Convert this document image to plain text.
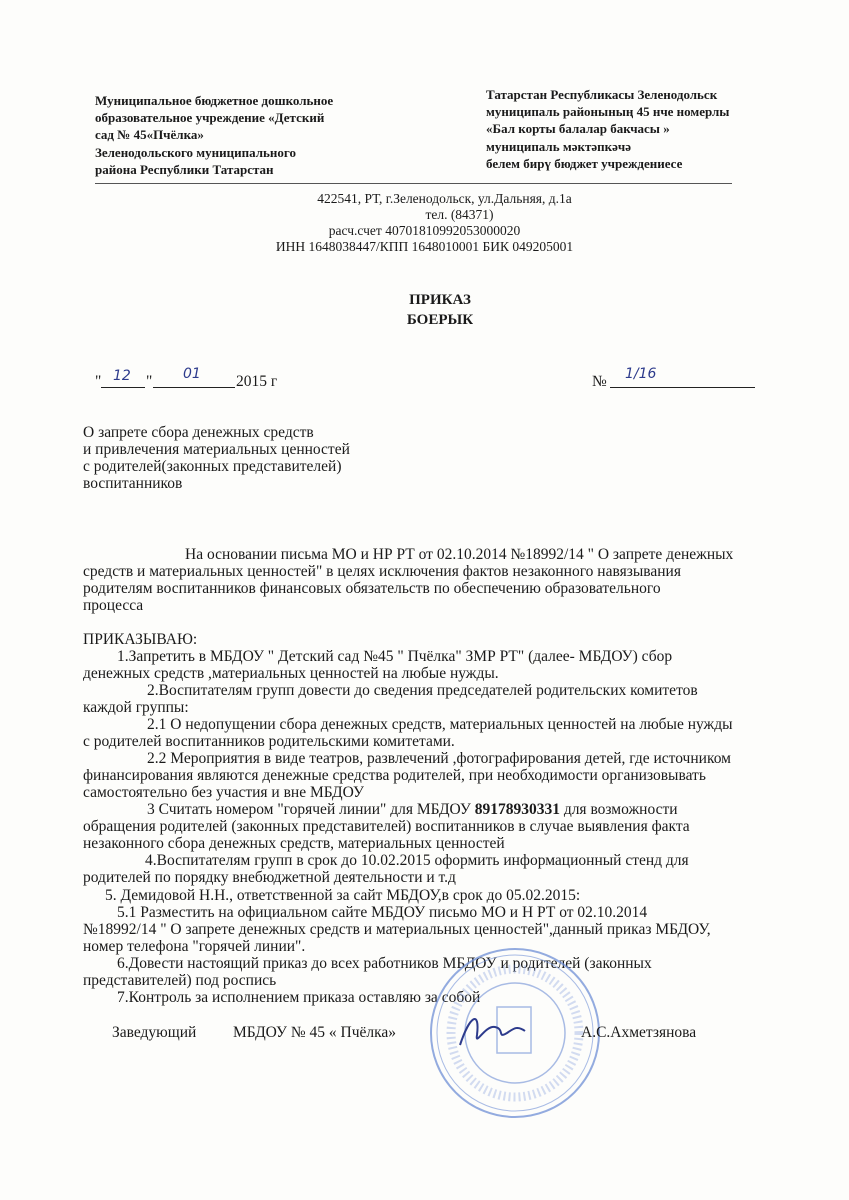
Муниципальное бюджетное дошкольное
образовательное учреждение «Детский
сад № 45«Пчёлка»
Зеленодольского муниципального
района Республики Татарстан
Татарстан Республикасы Зеленодольск
муниципаль районының 45 нче номерлы
«Бал корты балалар бакчасы »
муниципаль мәктәпкәчә
белем бирү бюджет учреждениесе
422541, РТ, г.Зеленодольск, ул.Дальняя, д.1а
тел. (84371)
расч.счет 40701810992053000020
ИНН 1648038447/КПП 1648010001 БИК 049205001
ПРИКАЗ
БОЕРЫК
" 12 " 01 2015 г	№ 1/16
О запрете сбора денежных средств
и привлечения материальных ценностей
с родителей(законных представителей)
воспитанников
На основании письма МО и НР РТ от 02.10.2014 №18992/14 " О запрете денежных
средств и материальных ценностей" в целях исключения фактов незаконного навязывания
родителям воспитанников финансовых обязательств по обеспечению образовательного
процесса
ПРИКАЗЫВАЮ:
1.Запретить в МБДОУ " Детский сад №45 " Пчёлка" ЗМР РТ" (далее- МБДОУ) сбор
денежных средств ,материальных ценностей на любые нужды.
2.Воспитателям групп довести до сведения председателей родительских комитетов
каждой группы:
2.1 О недопущении сбора денежных средств, материальных ценностей на любые нужды
с родителей воспитанников родительскими комитетами.
2.2 Мероприятия в виде театров, развлечений ,фотографирования детей, где источником
финансирования являются денежные средства родителей, при необходимости организовывать
самостоятельно без участия и вне МБДОУ
3 Считать номером "горячей линии" для МБДОУ 89178930331 для возможности
обращения родителей (законных представителей) воспитанников в случае выявления факта
незаконного сбора денежных средств, материальных ценностей
4.Воспитателям групп в срок до 10.02.2015 оформить информационный стенд для
родителей по порядку внебюджетной деятельности и т.д
5. Демидовой Н.Н., ответственной за сайт МБДОУ,в срок до 05.02.2015:
5.1 Разместить на официальном сайте МБДОУ письмо МО и Н РТ от 02.10.2014
№18992/14 " О запрете денежных средств и материальных ценностей",данный приказ МБДОУ,
номер телефона "горячей линии".
6.Довести настоящий приказ до всех работников МБДОУ и родителей (законных
представителей) под роспись
7.Контроль за исполнением приказа оставляю за собой
Заведующий МБДОУ № 45 « Пчёлка»	А.С.Ахметзянова
